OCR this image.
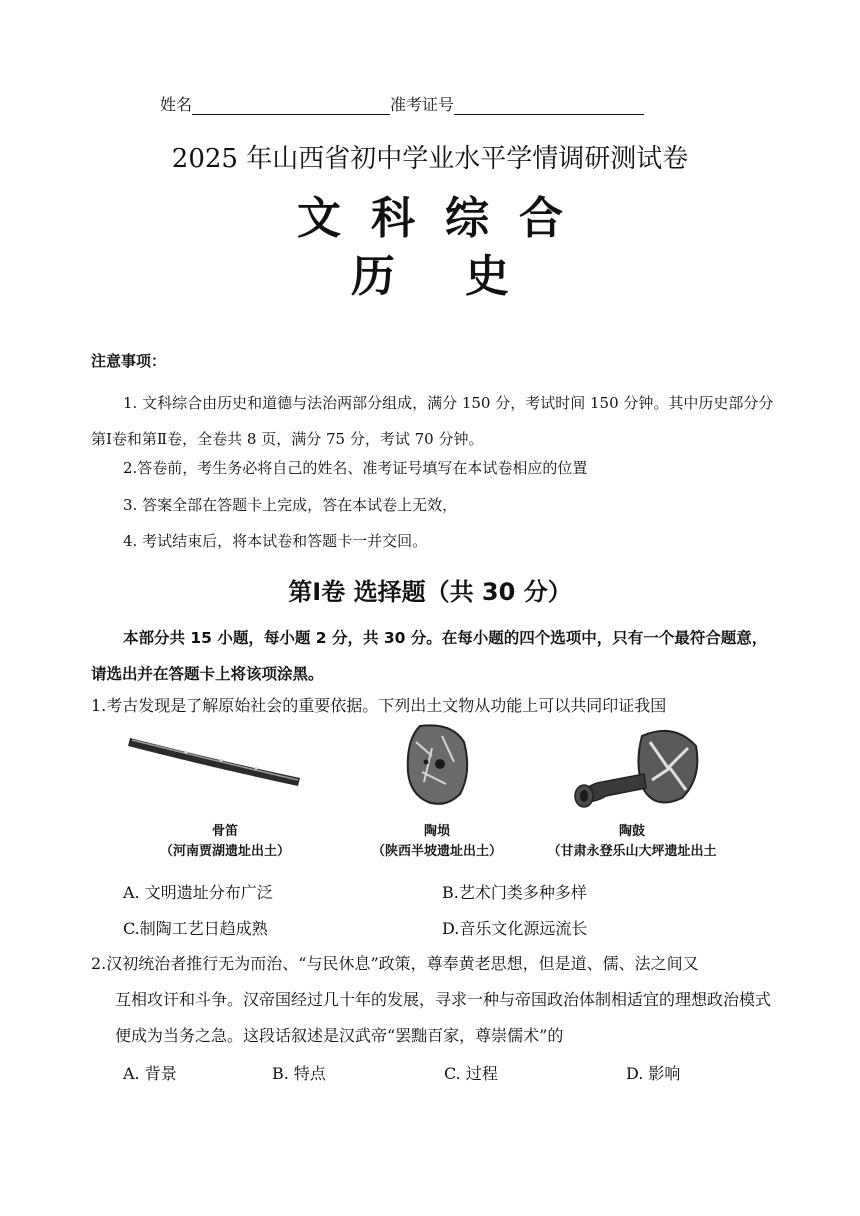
姓名	准考证号
2025 年山西省初中学业水平学情调研测试卷
文科综合
历史
注意事项：
1. 文科综合由历史和道德与法治两部分组成，满分 150 分，考试时间 150 分钟。其中历史部分分第Ⅰ卷和第Ⅱ卷，全卷共 8 页，满分 75 分，考试 70 分钟。
2.答卷前，考生务必将自己的姓名、准考证号填写在本试卷相应的位置
3. 答案全部在答题卡上完成，答在本试卷上无效，
4. 考试结束后，将本试卷和答题卡一并交回。
第Ⅰ卷 选择题（共 30 分）
本部分共 15 小题，每小题 2 分，共 30 分。在每小题的四个选项中，只有一个最符合题意，请选出并在答题卡上将该项涂黑。
1.考古发现是了解原始社会的重要依据。下列出土文物从功能上可以共同印证我国
骨笛
（河南贾湖遗址出土）
陶埙
（陕西半坡遗址出土）
陶鼓
（甘肃永登乐山大坪遗址出土
A. 文明遗址分布广泛	B.艺术门类多种多样
C.制陶工艺日趋成熟	D.音乐文化源远流长
2.汉初统治者推行无为而治、“与民休息”政策，尊奉黄老思想，但是道、儒、法之间又
互相攻讦和斗争。汉帝国经过几十年的发展，寻求一种与帝国政治体制相适宜的理想政治模式便成为当务之急。这段话叙述是汉武帝“罢黜百家，尊崇儒术”的
A. 背景	B. 特点	C. 过程	D. 影响
